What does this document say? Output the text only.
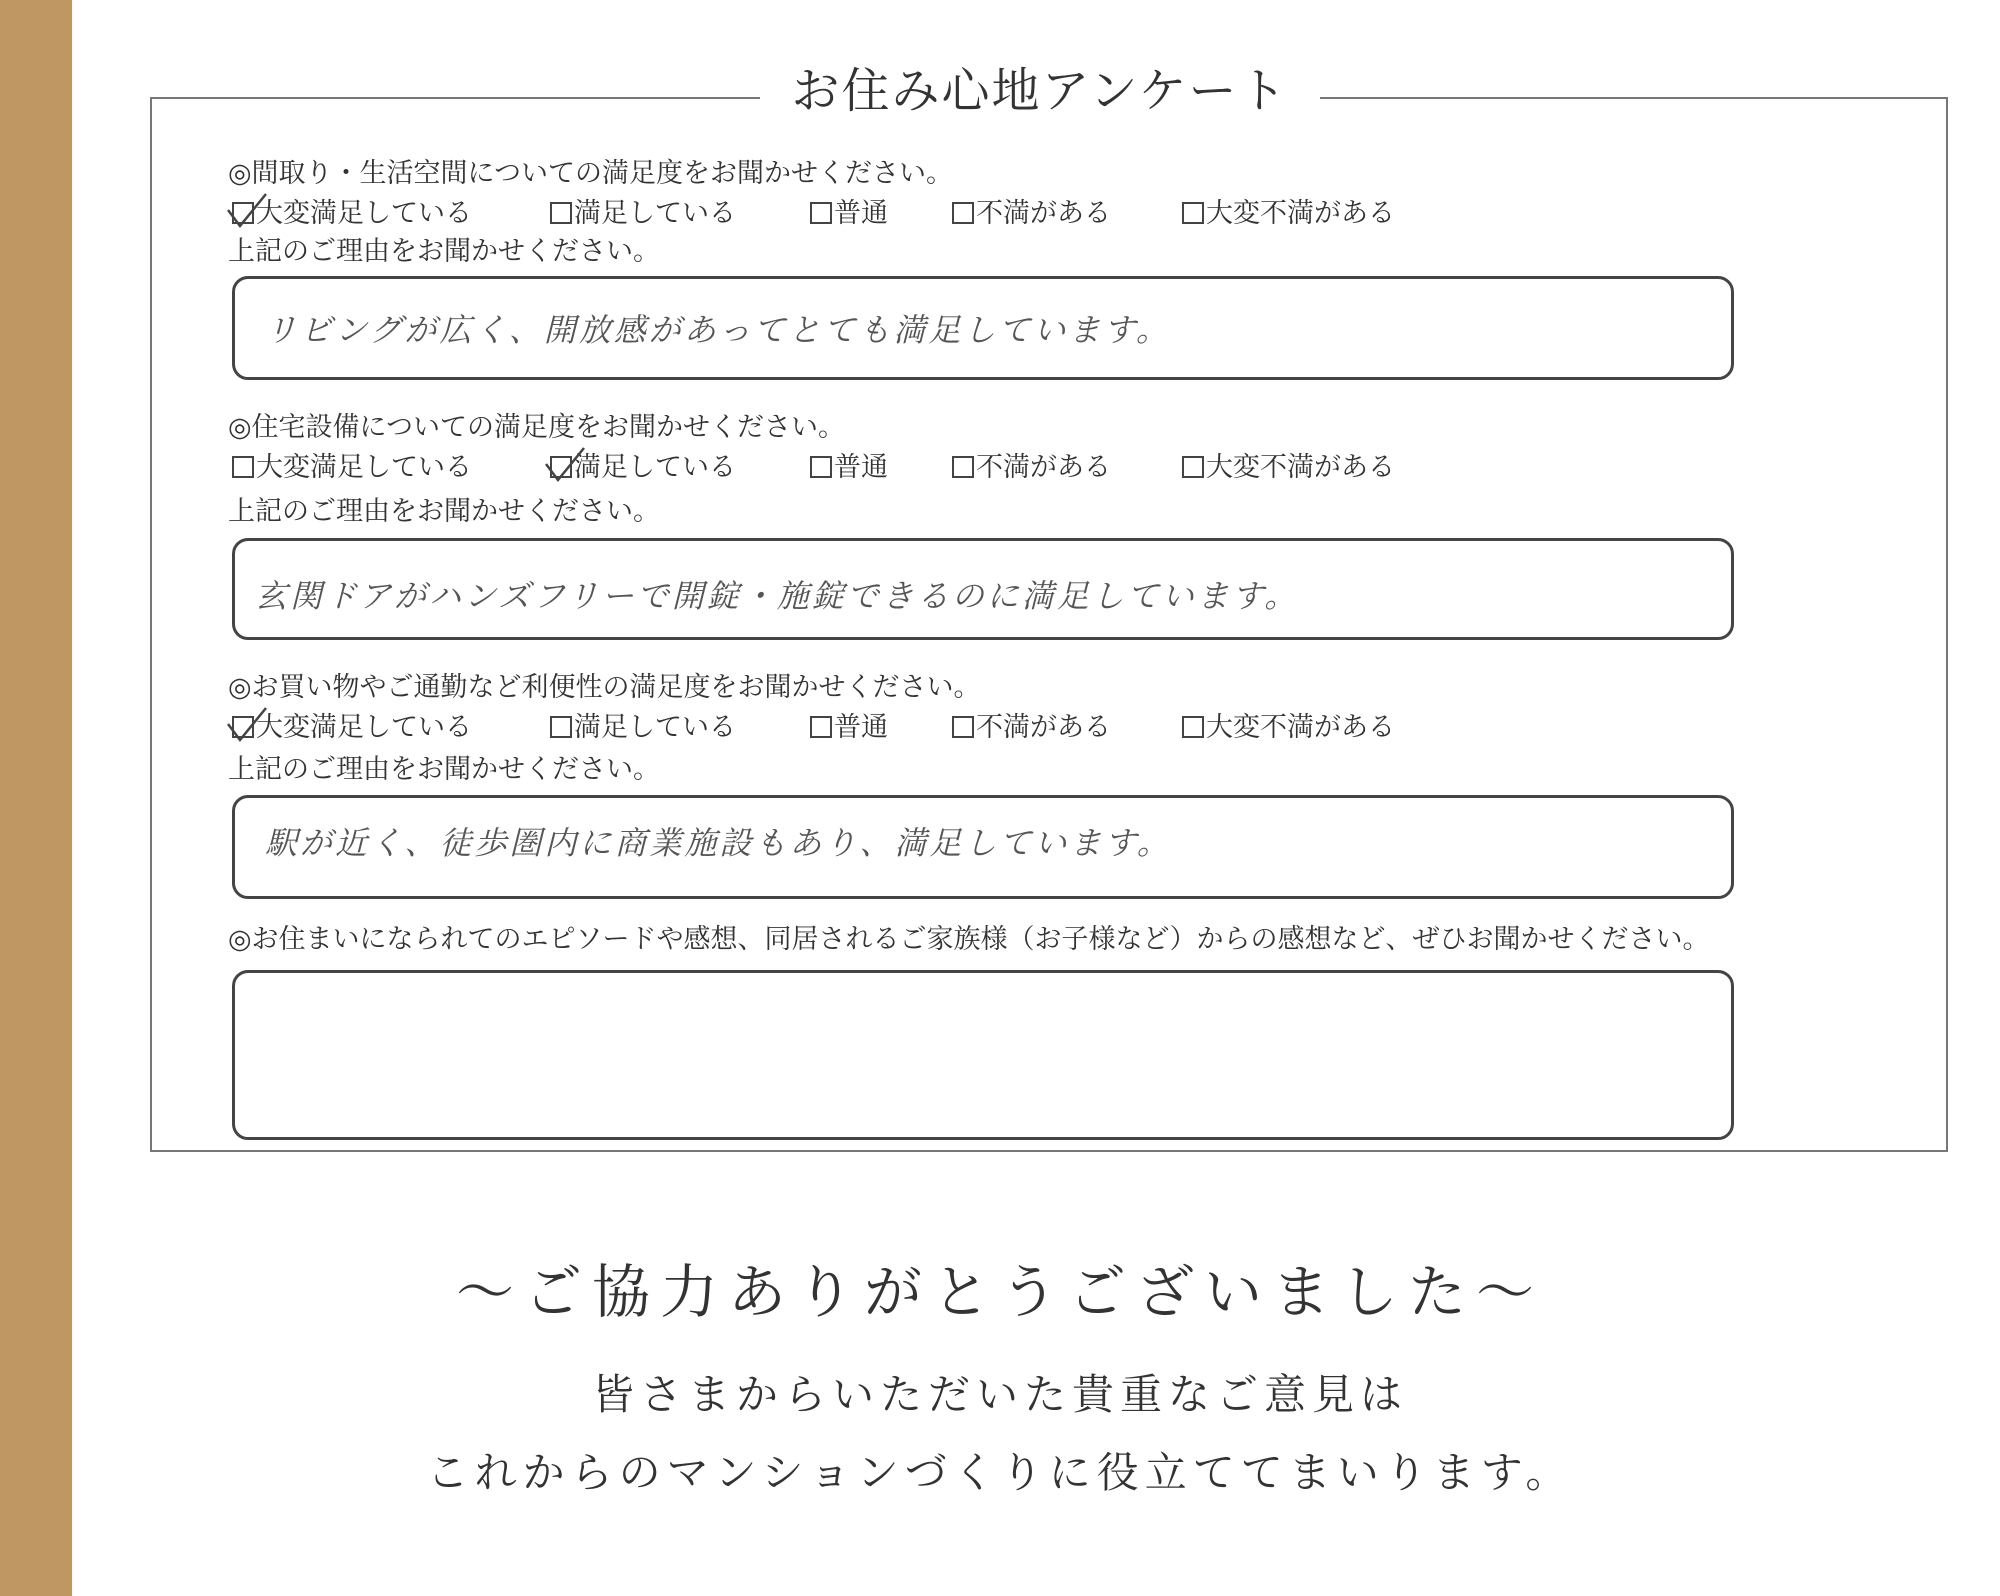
お住み心地アンケート
◎間取り・生活空間についての満足度をお聞かせください。
大変満足している	満足している	普通	不満がある	大変不満がある
上記のご理由をお聞かせください。
リビングが広く、開放感があってとても満足しています。
◎住宅設備についての満足度をお聞かせください。
大変満足している	満足している	普通	不満がある	大変不満がある
上記のご理由をお聞かせください。
玄関ドアがハンズフリーで開錠・施錠できるのに満足しています。
◎お買い物やご通勤など利便性の満足度をお聞かせください。
大変満足している	満足している	普通	不満がある	大変不満がある
上記のご理由をお聞かせください。
駅が近く、徒歩圏内に商業施設もあり、満足しています。
◎お住まいになられてのエピソードや感想、同居されるご家族様（お子様など）からの感想など、ぜひお聞かせください。
～ご協力ありがとうございました～
皆さまからいただいた貴重なご意見は
これからのマンションづくりに役立ててまいります。
